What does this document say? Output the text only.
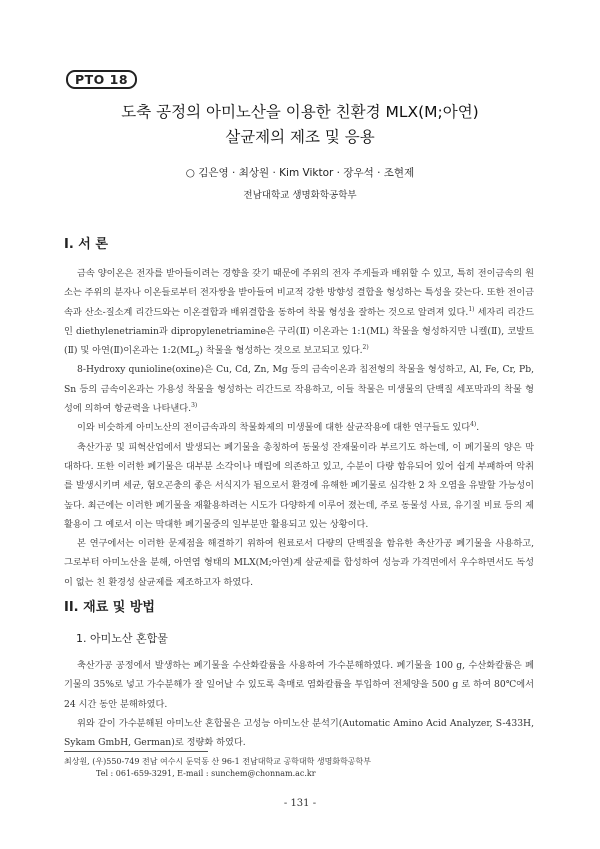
PTO 18
도축 공정의 아미노산을 이용한 친환경 MLX(M;아연)
살균제의 제조 및 응용
○ 김은영 · 최상원 · Kim Viktor · 장우석 · 조현제
전남대학교 생명화학공학부
I. 서 론

금속 양이온은 전자를 받아들이려는 경향을 갖기 때문에 주위의 전자 주게들과 배위할 수 있고, 특히 전이금속의 원소는 주위의 분자나 이온들로부터 전자쌍을 받아들여 비교적 강한 방향성 결합을 형성하는 특성을 갖는다. 또한 전이금속과 산소-질소계 리간드와는 이온결합과 배위결합을 동하여 착물 형성을 잘하는 것으로 알려져 있다.$^{1)}$ 세자리 리간드인 diethylenetriamin과 dipropylenetriamine은 구리(Ⅱ) 이온과는 1:1(ML) 착물을 형성하지만 니켈(Ⅱ), 코발트(Ⅱ) 및 아연(Ⅱ)이온과는 $1:2(ML_2)$ 착물을 형성하는 것으로 보고되고 있다.$^{2)}$

8-Hydroxy qunioline(oxine)은 Cu, Cd, Zn, Mg 등의 금속이온과 침전형의 착물을 형성하고, Al, Fe, Cr, Pb, Sn 등의 금속이온과는 가용성 착물을 형성하는 리간드로 작용하고, 이들 착물은 미생물의 단백질 세포막과의 착물 형성에 의하여 항균력을 나타낸다.$^{3)}$

이와 비슷하게 아미노산의 전이금속과의 착물화제의 미생물에 대한 살균작용에 대한 연구들도 있다$^{4)}$.

축산가공 및 피혁산업에서 발생되는 폐기물을 총칭하여 동물성 잔재물이라 부르기도 하는데, 이 폐기물의 양은 막대하다. 또한 이러한 폐기물은 대부분 소각이나 매립에 의존하고 있고, 수분이 다량 함유되어 있어 쉽게 부패하여 악취를 발생시키며 세균, 혐오곤충의 좋은 서식지가 됨으로서 환경에 유해한 폐기물로 심각한 2 차 오염을 유발할 가능성이 높다. 최근에는 이러한 폐기물을 재활용하려는 시도가 다양하게 이루어 졌는데, 주로 동물성 사료, 유기질 비료 등의 제활용이 그 예로서 이는 막대한 폐기물중의 일부분만 활용되고 있는 상황이다.

본 연구에서는 이러한 문제점을 해결하기 위하여 원료로서 다량의 단백질을 함유한 축산가공 폐기물을 사용하고, 그로부터 아미노산을 분해, 아연염 형태의 MLX(M;아연)계 살균제를 합성하여 성능과 가격면에서 우수하면서도 독성이 없는 친 환경성 살균제를 제조하고자 하였다.

II. 재료 및 방법
1. 아미노산 혼합물

축산가공 공정에서 발생하는 폐기물을 수산화칼륨을 사용하여 가수분해하였다. 폐기물을 100 g, 수산화칼륨은 폐기물의 35%로 넣고 가수분해가 잘 일어날 수 있도록 촉매로 염화칼륨을 투입하여 전체양을 500 g 로 하여 80℃에서 24 시간 동안 분해하였다.

위와 같이 가수분해된 아미노산 혼합물은 고성능 아미노산 분석기(Automatic Amino Acid Analyzer, S-433H, Sykam GmbH, German)로 정량화 하였다.

최상원, (우)550-749 전남 여수시 둔덕동 산 96-1 전남대학교 공학대학 생명화학공학부
Tel : 061-659-3291, E-mail : sunchem@chonnam.ac.kr
- 131 -
